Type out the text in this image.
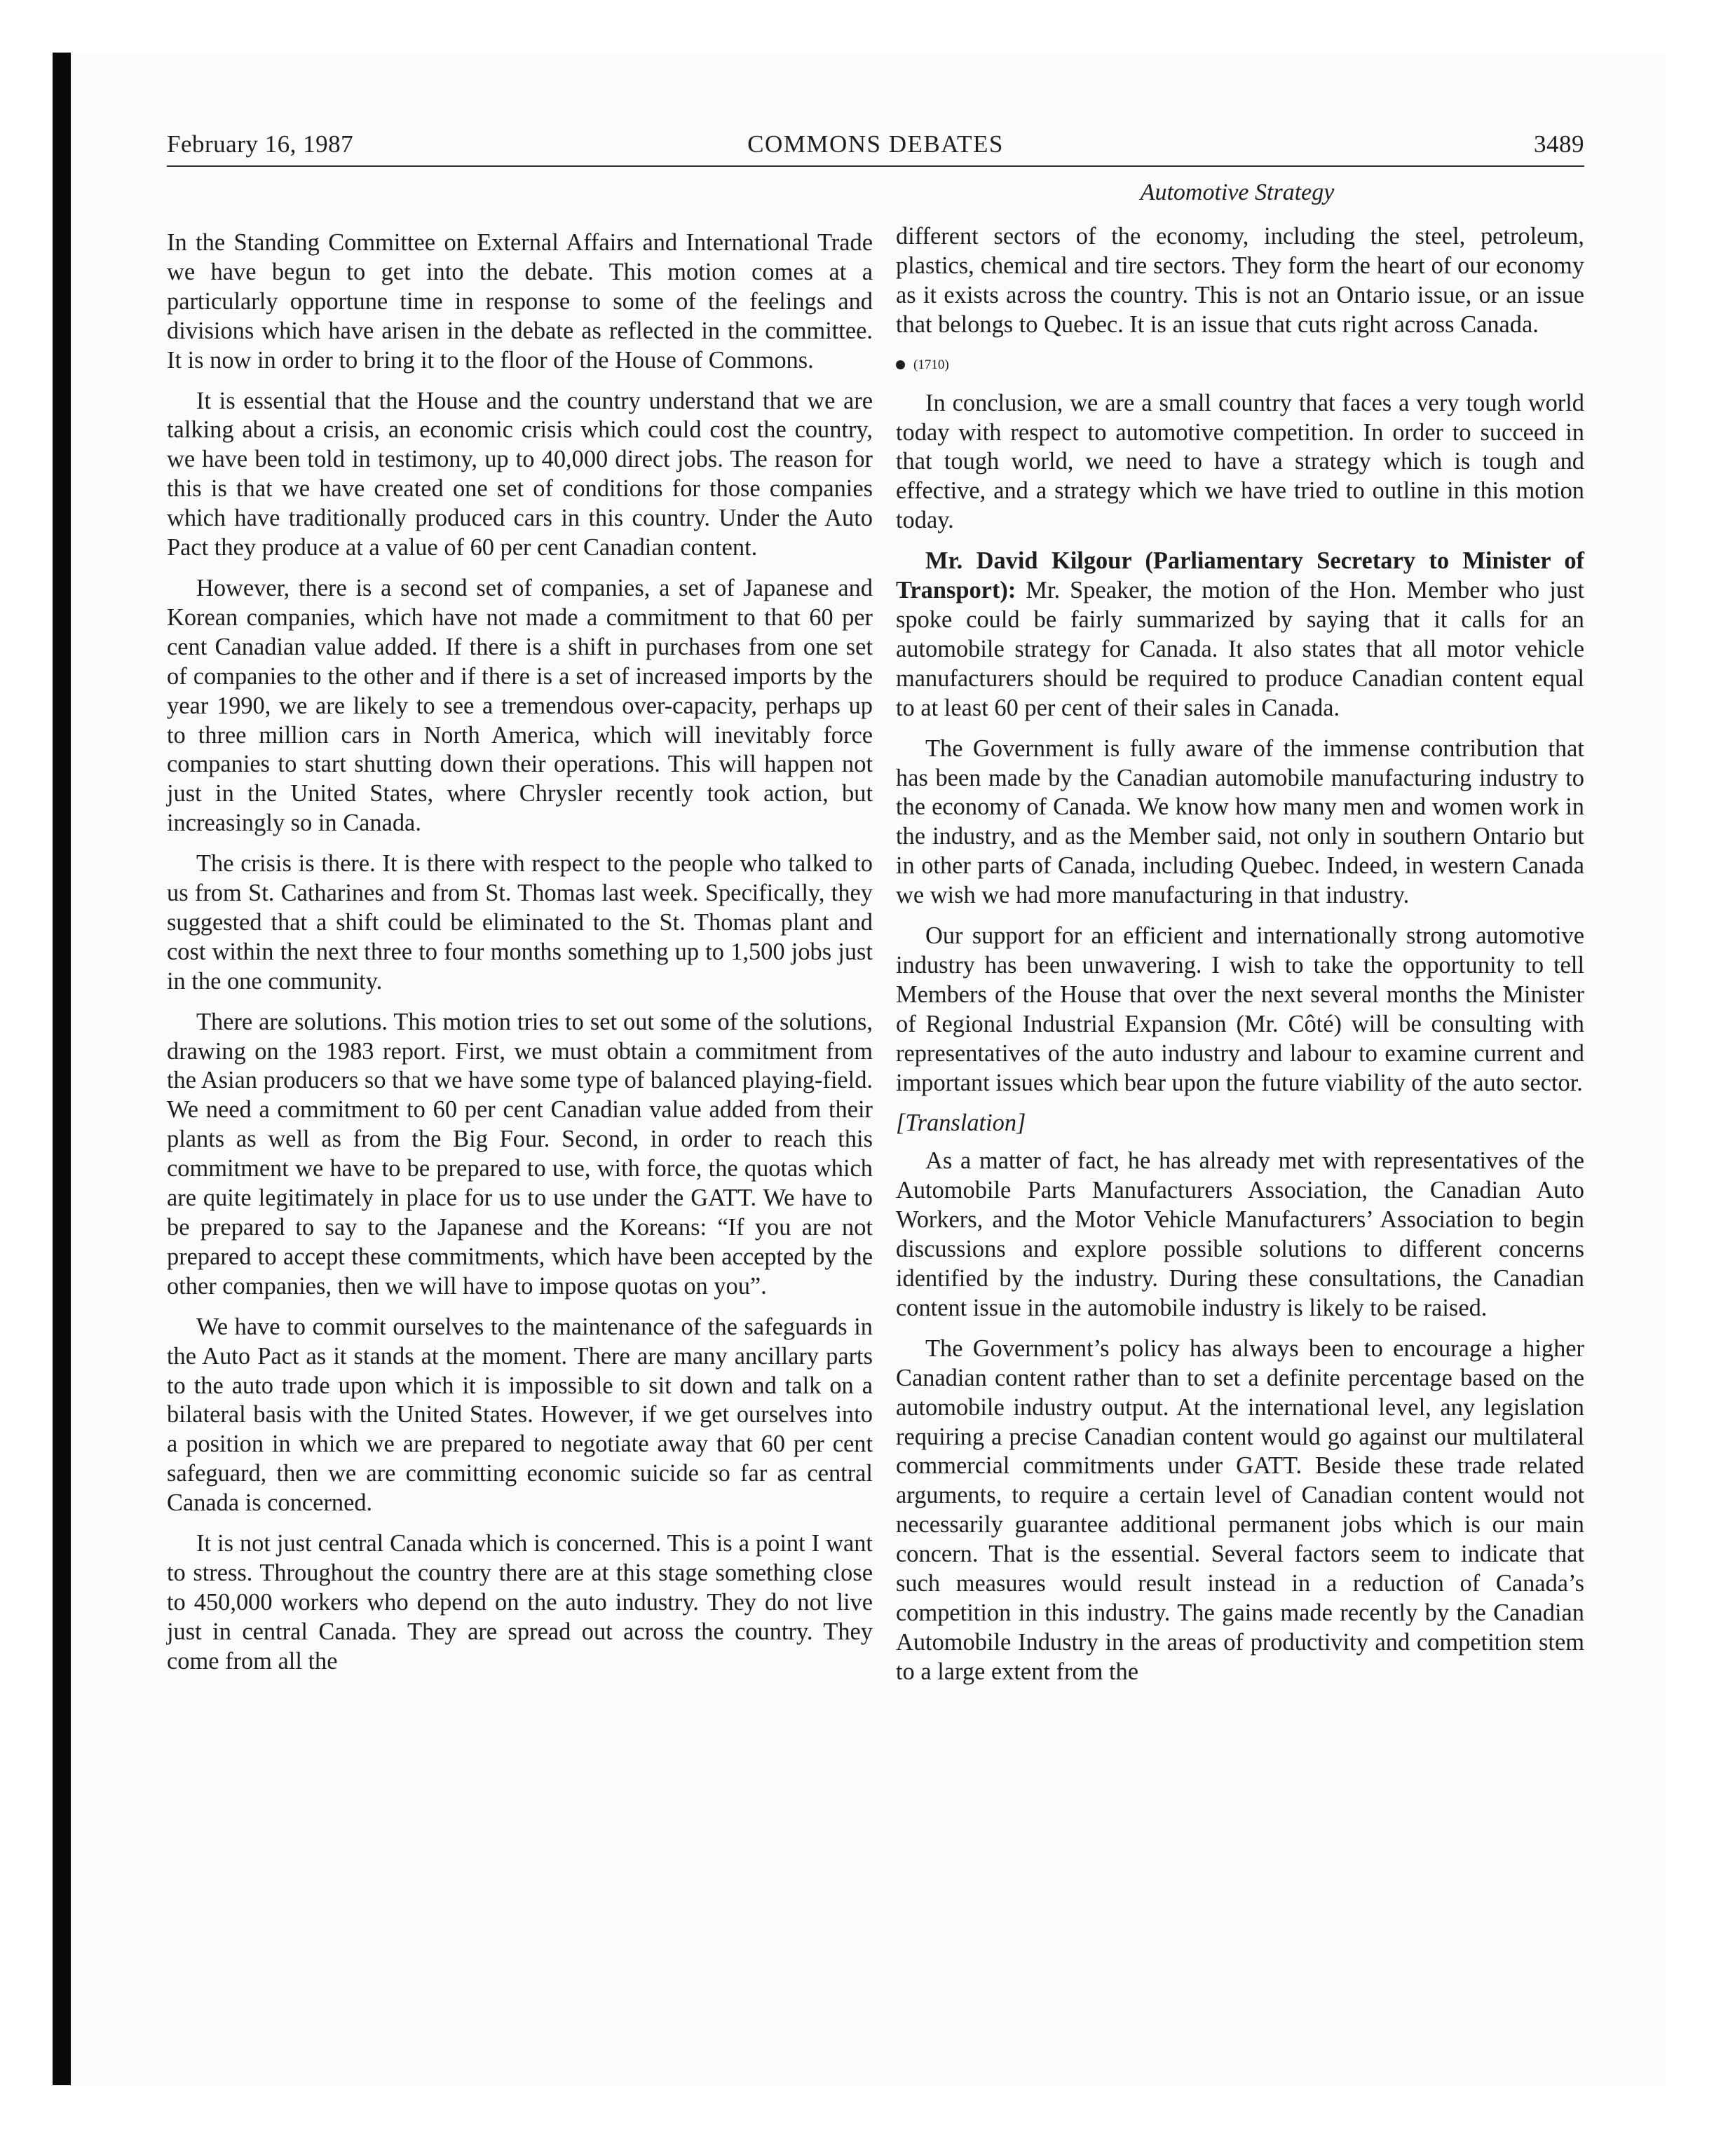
February 16, 1987	COMMONS DEBATES	3489
Automotive Strategy

In the Standing Committee on External Affairs and International Trade we have begun to get into the debate. This motion comes at a particularly opportune time in response to some of the feelings and divisions which have arisen in the debate as reflected in the committee. It is now in order to bring it to the floor of the House of Commons.

It is essential that the House and the country understand that we are talking about a crisis, an economic crisis which could cost the country, we have been told in testimony, up to 40,000 direct jobs. The reason for this is that we have created one set of conditions for those companies which have traditionally produced cars in this country. Under the Auto Pact they produce at a value of 60 per cent Canadian content.

However, there is a second set of companies, a set of Japanese and Korean companies, which have not made a commitment to that 60 per cent Canadian value added. If there is a shift in purchases from one set of companies to the other and if there is a set of increased imports by the year 1990, we are likely to see a tremendous over-capacity, perhaps up to three million cars in North America, which will inevitably force companies to start shutting down their operations. This will happen not just in the United States, where Chrysler recently took action, but increasingly so in Canada.

The crisis is there. It is there with respect to the people who talked to us from St. Catharines and from St. Thomas last week. Specifically, they suggested that a shift could be eliminated to the St. Thomas plant and cost within the next three to four months something up to 1,500 jobs just in the one community.

There are solutions. This motion tries to set out some of the solutions, drawing on the 1983 report. First, we must obtain a commitment from the Asian producers so that we have some type of balanced playing-field. We need a commitment to 60 per cent Canadian value added from their plants as well as from the Big Four. Second, in order to reach this commitment we have to be prepared to use, with force, the quotas which are quite legitimately in place for us to use under the GATT. We have to be prepared to say to the Japanese and the Koreans: “If you are not prepared to accept these commitments, which have been accepted by the other companies, then we will have to impose quotas on you”.

We have to commit ourselves to the maintenance of the safeguards in the Auto Pact as it stands at the moment. There are many ancillary parts to the auto trade upon which it is impossible to sit down and talk on a bilateral basis with the United States. However, if we get ourselves into a position in which we are prepared to negotiate away that 60 per cent safeguard, then we are committing economic suicide so far as central Canada is concerned.

It is not just central Canada which is concerned. This is a point I want to stress. Throughout the country there are at this stage something close to 450,000 workers who depend on the auto industry. They do not live just in central Canada. They are spread out across the country. They come from all the

different sectors of the economy, including the steel, petroleum, plastics, chemical and tire sectors. They form the heart of our economy as it exists across the country. This is not an Ontario issue, or an issue that belongs to Quebec. It is an issue that cuts right across Canada.

(1710)

In conclusion, we are a small country that faces a very tough world today with respect to automotive competition. In order to succeed in that tough world, we need to have a strategy which is tough and effective, and a strategy which we have tried to outline in this motion today.

Mr. David Kilgour (Parliamentary Secretary to Minister of Transport): Mr. Speaker, the motion of the Hon. Member who just spoke could be fairly summarized by saying that it calls for an automobile strategy for Canada. It also states that all motor vehicle manufacturers should be required to produce Canadian content equal to at least 60 per cent of their sales in Canada.

The Government is fully aware of the immense contribution that has been made by the Canadian automobile manufacturing industry to the economy of Canada. We know how many men and women work in the industry, and as the Member said, not only in southern Ontario but in other parts of Canada, including Quebec. Indeed, in western Canada we wish we had more manufacturing in that industry.

Our support for an efficient and internationally strong automotive industry has been unwavering. I wish to take the opportunity to tell Members of the House that over the next several months the Minister of Regional Industrial Expansion (Mr. Côté) will be consulting with representatives of the auto industry and labour to examine current and important issues which bear upon the future viability of the auto sector.

[Translation]

As a matter of fact, he has already met with representatives of the Automobile Parts Manufacturers Association, the Canadian Auto Workers, and the Motor Vehicle Manufacturers’ Association to begin discussions and explore possible solutions to different concerns identified by the industry. During these consultations, the Canadian content issue in the automobile industry is likely to be raised.

The Government’s policy has always been to encourage a higher Canadian content rather than to set a definite percentage based on the automobile industry output. At the international level, any legislation requiring a precise Canadian content would go against our multilateral commercial commitments under GATT. Beside these trade related arguments, to require a certain level of Canadian content would not necessarily guarantee additional permanent jobs which is our main concern. That is the essential. Several factors seem to indicate that such measures would result instead in a reduction of Canada’s competition in this industry. The gains made recently by the Canadian Automobile Industry in the areas of productivity and competition stem to a large extent from the
